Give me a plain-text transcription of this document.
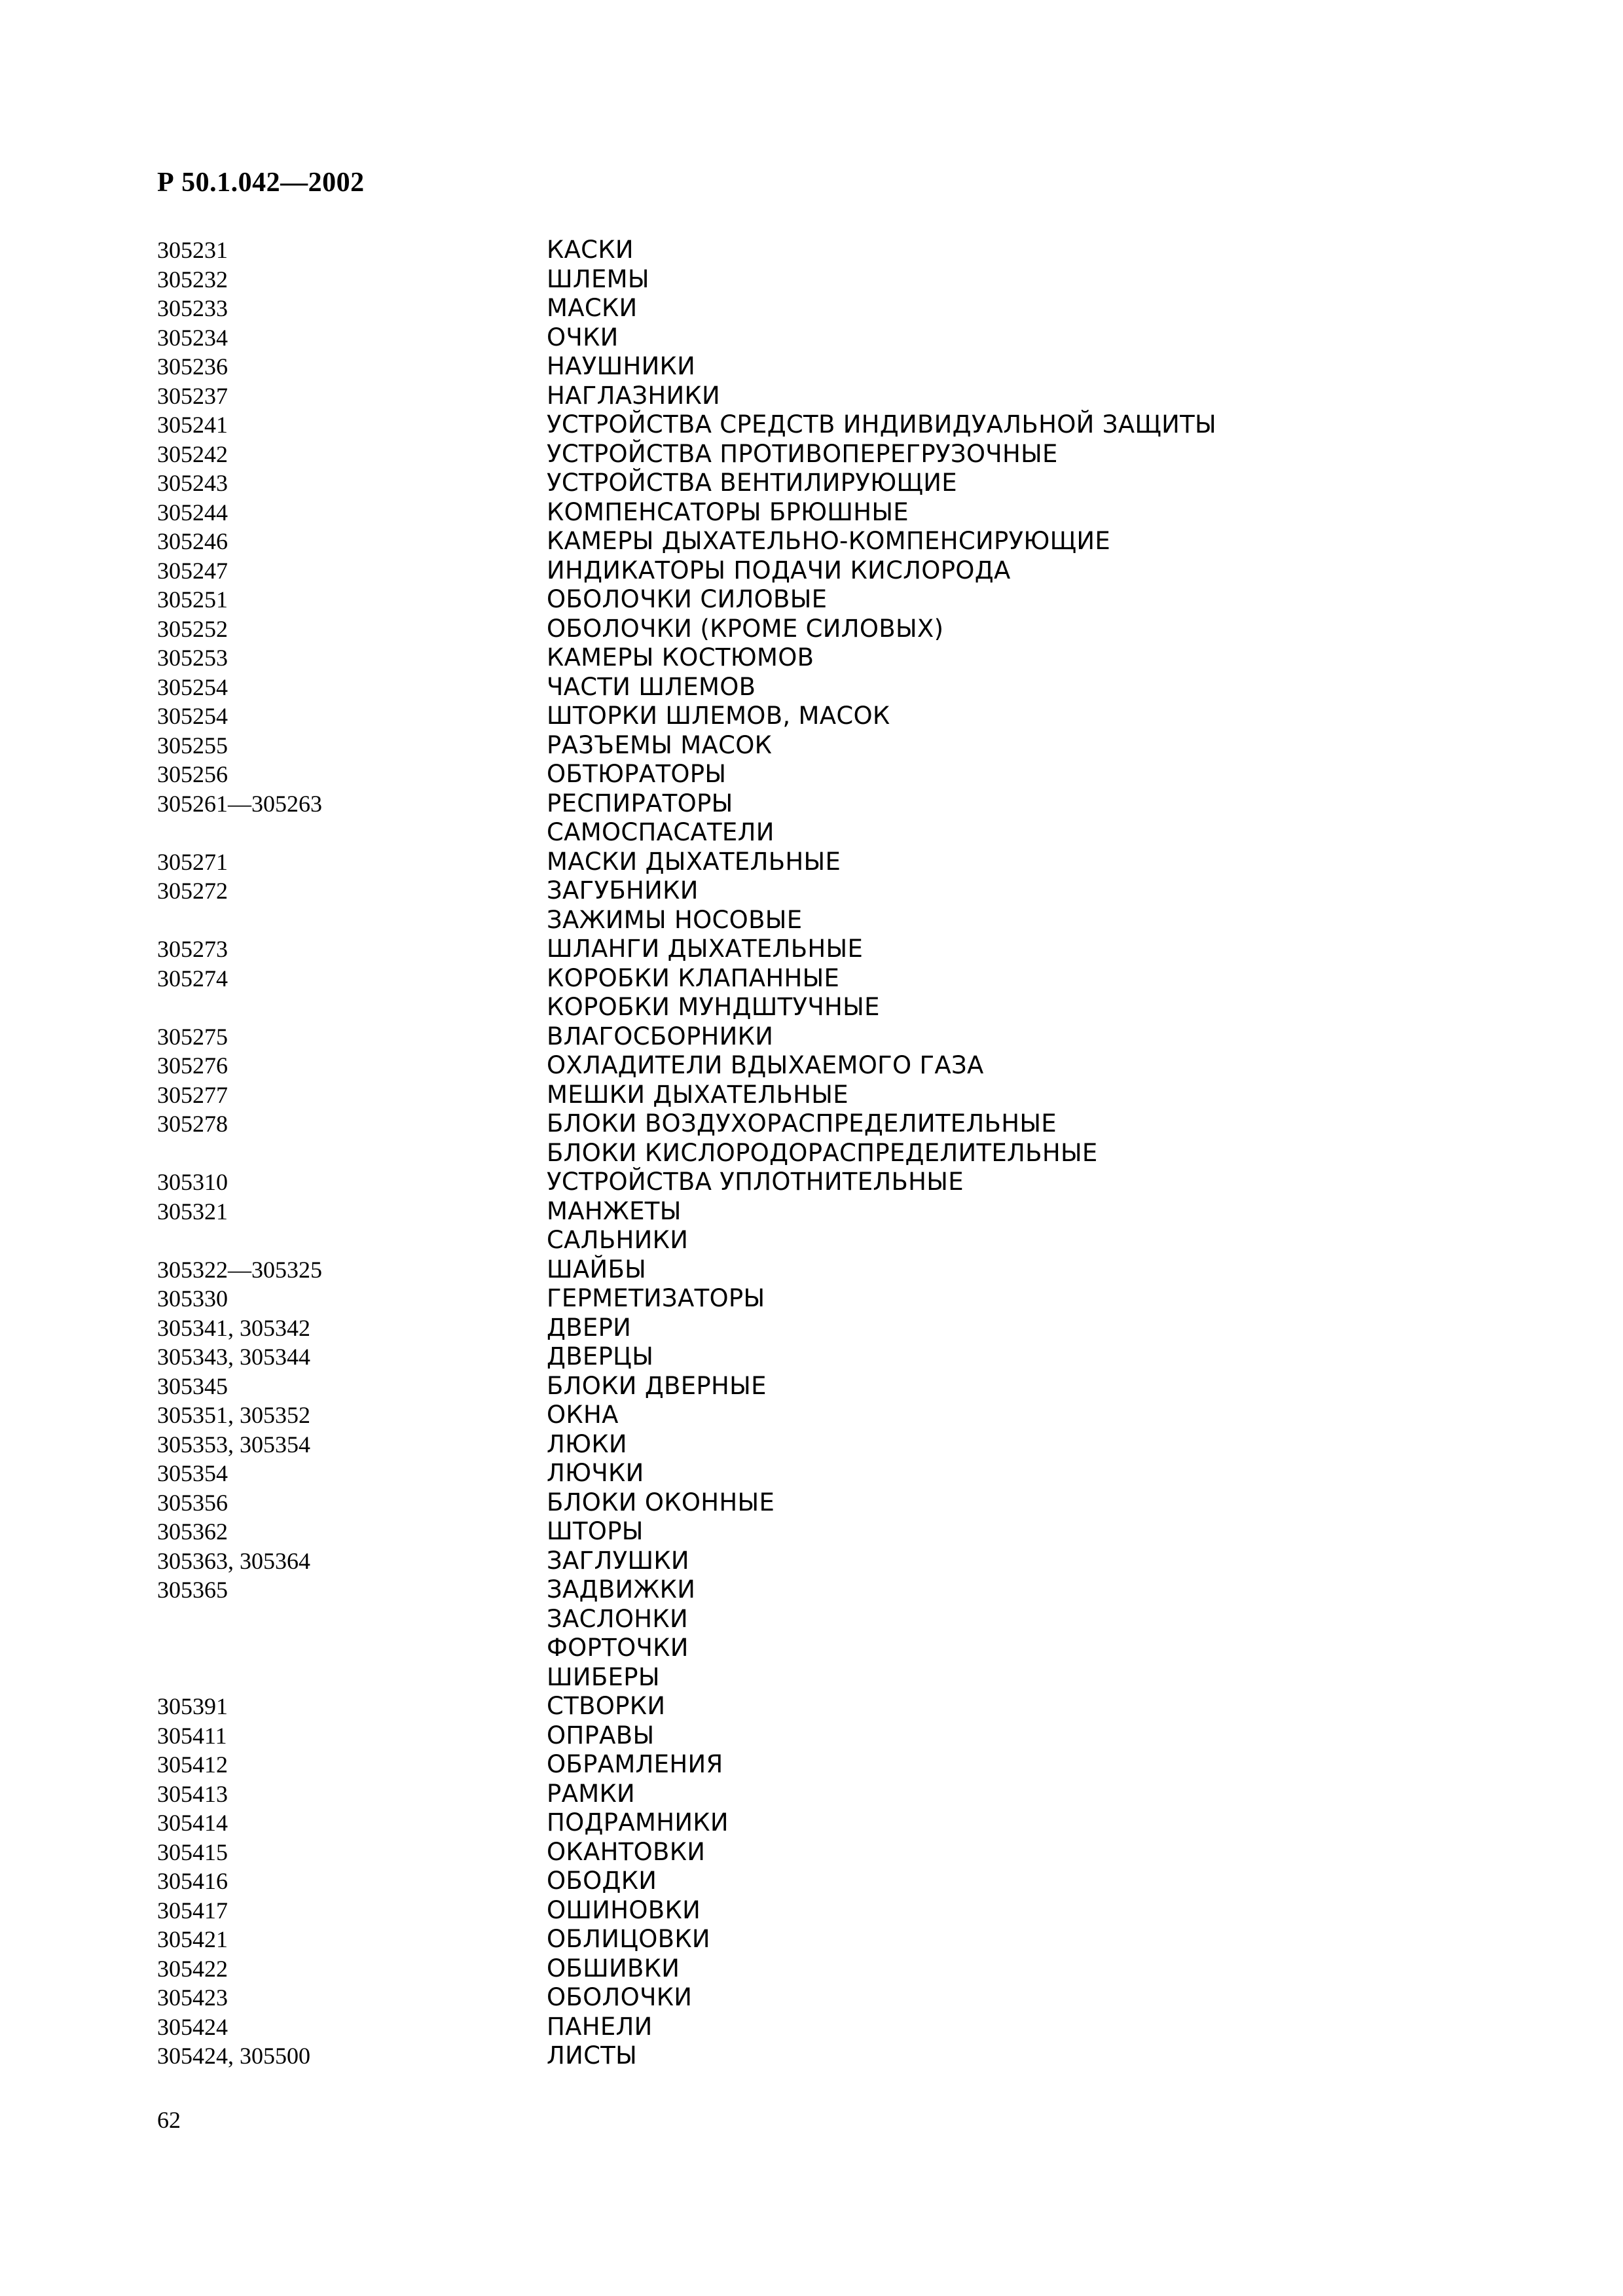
Р 50.1.042—2002
305231	КАСКИ
305232	ШЛЕМЫ
305233	МАСКИ
305234	ОЧКИ
305236	НАУШНИКИ
305237	НАГЛАЗНИКИ
305241	УСТРОЙСТВА СРЕДСТВ ИНДИВИДУАЛЬНОЙ ЗАЩИТЫ
305242	УСТРОЙСТВА ПРОТИВОПЕРЕГРУЗОЧНЫЕ
305243	УСТРОЙСТВА ВЕНТИЛИРУЮЩИЕ
305244	КОМПЕНСАТОРЫ БРЮШНЫЕ
305246	КАМЕРЫ ДЫХАТЕЛЬНО-КОМПЕНСИРУЮЩИЕ
305247	ИНДИКАТОРЫ ПОДАЧИ КИСЛОРОДА
305251	ОБОЛОЧКИ СИЛОВЫЕ
305252	ОБОЛОЧКИ (КРОМЕ СИЛОВЫХ)
305253	КАМЕРЫ КОСТЮМОВ
305254	ЧАСТИ ШЛЕМОВ
305254	ШТОРКИ ШЛЕМОВ, МАСОК
305255	РАЗЪЕМЫ МАСОК
305256	ОБТЮРАТОРЫ
305261—305263	РЕСПИРАТОРЫ
САМОСПАСАТЕЛИ
305271	МАСКИ ДЫХАТЕЛЬНЫЕ
305272	ЗАГУБНИКИ
ЗАЖИМЫ НОСОВЫЕ
305273	ШЛАНГИ ДЫХАТЕЛЬНЫЕ
305274	КОРОБКИ КЛАПАННЫЕ
КОРОБКИ МУНДШТУЧНЫЕ
305275	ВЛАГОСБОРНИКИ
305276	ОХЛАДИТЕЛИ ВДЫХАЕМОГО ГАЗА
305277	МЕШКИ ДЫХАТЕЛЬНЫЕ
305278	БЛОКИ ВОЗДУХОРАСПРЕДЕЛИТЕЛЬНЫЕ
БЛОКИ КИСЛОРОДОРАСПРЕДЕЛИТЕЛЬНЫЕ
305310	УСТРОЙСТВА УПЛОТНИТЕЛЬНЫЕ
305321	МАНЖЕТЫ
САЛЬНИКИ
305322—305325	ШАЙБЫ
305330	ГЕРМЕТИЗАТОРЫ
305341, 305342	ДВЕРИ
305343, 305344	ДВЕРЦЫ
305345	БЛОКИ ДВЕРНЫЕ
305351, 305352	ОКНА
305353, 305354	ЛЮКИ
305354	ЛЮЧКИ
305356	БЛОКИ ОКОННЫЕ
305362	ШТОРЫ
305363, 305364	ЗАГЛУШКИ
305365	ЗАДВИЖКИ
ЗАСЛОНКИ
ФОРТОЧКИ
ШИБЕРЫ
305391	СТВОРКИ
305411	ОПРАВЫ
305412	ОБРАМЛЕНИЯ
305413	РАМКИ
305414	ПОДРАМНИКИ
305415	ОКАНТОВКИ
305416	ОБОДКИ
305417	ОШИНОВКИ
305421	ОБЛИЦОВКИ
305422	ОБШИВКИ
305423	ОБОЛОЧКИ
305424	ПАНЕЛИ
305424, 305500	ЛИСТЫ
62
